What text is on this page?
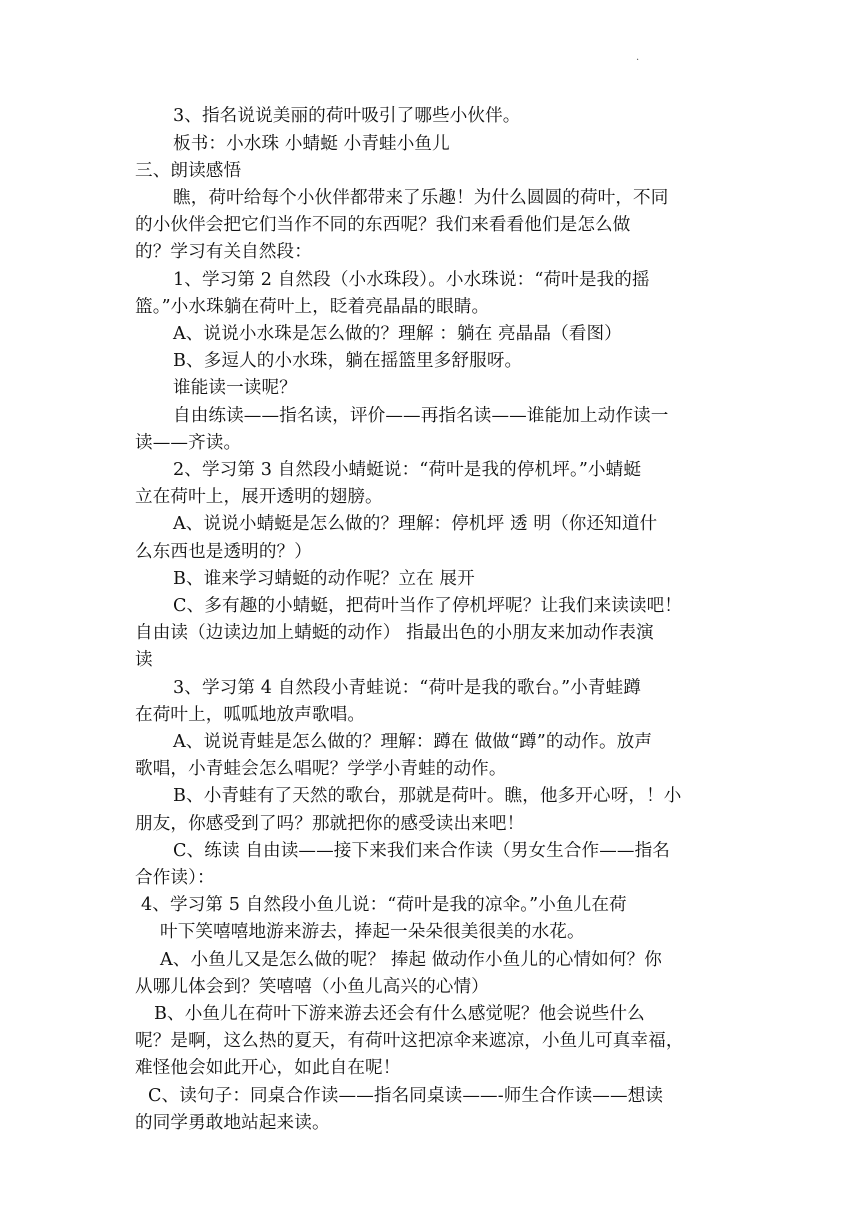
.
3、指名说说美丽的荷叶吸引了哪些小伙伴。
板书：小水珠 小蜻蜓 小青蛙小鱼儿
三、朗读感悟
瞧，荷叶给每个小伙伴都带来了乐趣！为什么圆圆的荷叶，不同
的小伙伴会把它们当作不同的东西呢？我们来看看他们是怎么做
的？学习有关自然段：
1、学习第 2 自然段（小水珠段）。小水珠说：“荷叶是我的摇
篮。”小水珠躺在荷叶上，眨着亮晶晶的眼睛。
A、说说小水珠是怎么做的？理解 ：躺在 亮晶晶（看图）
B、多逗人的小水珠，躺在摇篮里多舒服呀。
谁能读一读呢？
自由练读——指名读，评价——再指名读——谁能加上动作读一
读——齐读。
2、学习第 3 自然段小蜻蜓说：“荷叶是我的停机坪。”小蜻蜓
立在荷叶上，展开透明的翅膀。
A、说说小蜻蜓是怎么做的？理解：停机坪 透 明（你还知道什
么东西也是透明的？）
B、谁来学习蜻蜓的动作呢？立在 展开
C、多有趣的小蜻蜓，把荷叶当作了停机坪呢？让我们来读读吧！
自由读（边读边加上蜻蜓的动作） 指最出色的小朋友来加动作表演
读
3、学习第 4 自然段小青蛙说：“荷叶是我的歌台。”小青蛙蹲
在荷叶上，呱呱地放声歌唱。
A、说说青蛙是怎么做的？理解：蹲在 做做“蹲”的动作。放声
歌唱，小青蛙会怎么唱呢？学学小青蛙的动作。
B、小青蛙有了天然的歌台，那就是荷叶。瞧，他多开心呀，！小
朋友，你感受到了吗？那就把你的感受读出来吧！
C、练读 自由读——接下来我们来合作读（男女生合作——指名
合作读）：
4、学习第 5 自然段小鱼儿说：“荷叶是我的凉伞。”小鱼儿在荷
叶下笑嘻嘻地游来游去，捧起一朵朵很美很美的水花。
A、小鱼儿又是怎么做的呢？ 捧起 做动作小鱼儿的心情如何？你
从哪儿体会到？笑嘻嘻（小鱼儿高兴的心情）
B、小鱼儿在荷叶下游来游去还会有什么感觉呢？他会说些什么
呢？是啊，这么热的夏天，有荷叶这把凉伞来遮凉，小鱼儿可真幸福，
难怪他会如此开心，如此自在呢！
C、读句子：同桌合作读——指名同桌读——-师生合作读——想读
的同学勇敢地站起来读。
